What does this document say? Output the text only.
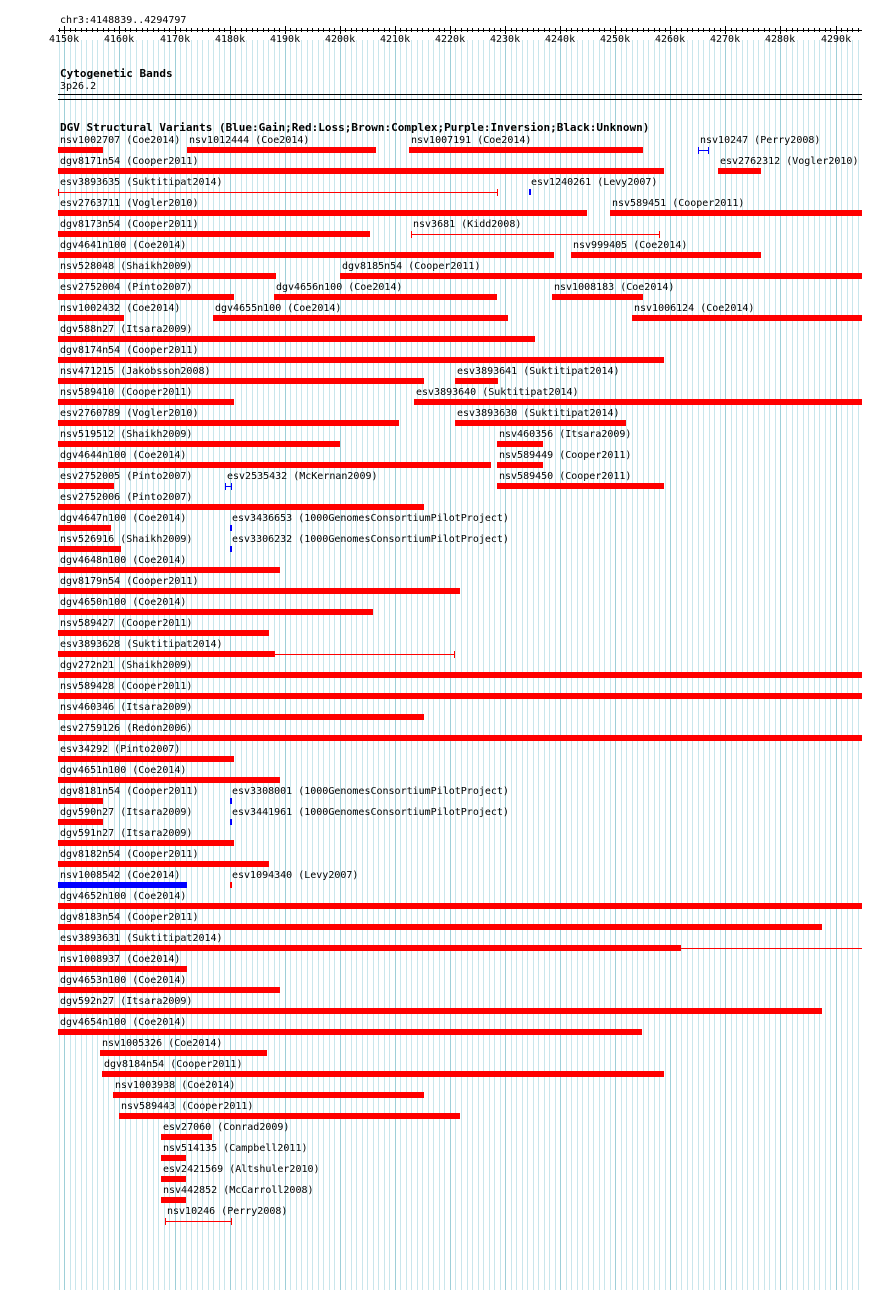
chr3:4148839..4294797
4150k 4160k	4170k 4180k 4190k 4200k 4210k 4220k 4230k 4240k 4250k 4260k 4270k 4280k	4290k
Cytogenetic Bands
3p26.2
DGV Structural Variants (Blue:Gain;Red:Loss;Brown:Complex;Purple:Inversion;Black:Unknown)
nsv1002707 (Coe2014) nsv1012444 (Coe2014)	nsv1007191 (Coe2014)	nsv10247 (Perry2008)
dgv8171n54 (Cooper2011)	esv2762312 (Vogler2010)
esv3893635 (Suktitipat2014)	esv1240261 (Levy2007)
esv2763711 (Vogler2010)	nsv589451 (Cooper2011)
dgv8173n54 (Cooper2011)	nsv3681 (Kidd2008)
dgv4641n100 (Coe2014)	nsv999405 (Coe2014)
nsv528048 (Shaikh2009)	dgv8185n54 (Cooper2011)
esv2752004 (Pinto2007)	dgv4656n100 (Coe2014)	nsv1008183 (Coe2014)
nsv1002432 (Coe2014)	dgv4655n100 (Coe2014)	nsv1006124 (Coe2014)
dgv588n27 (Itsara2009)
dgv8174n54 (Cooper2011)
nsv471215 (Jakobsson2008)	esv3893641 (Suktitipat2014)
nsv589410 (Cooper2011)	esv3893640 (Suktitipat2014)
esv2760789 (Vogler2010)	esv3893630 (Suktitipat2014)
nsv519512 (Shaikh2009)	nsv460356 (Itsara2009)
dgv4644n100 (Coe2014)	nsv589449 (Cooper2011)
esv2752005 (Pinto2007)	esv2535432 (McKernan2009)	nsv589450 (Cooper2011)
esv2752006 (Pinto2007)
dgv4647n100 (Coe2014)	esv3436653 (1000GenomesConsortiumPilotProject)
nsv526916 (Shaikh2009)	esv3306232 (1000GenomesConsortiumPilotProject)
dgv4648n100 (Coe2014)
dgv8179n54 (Cooper2011)
dgv4650n100 (Coe2014)
nsv589427 (Cooper2011)
esv3893628 (Suktitipat2014)
dgv272n21 (Shaikh2009)
nsv589428 (Cooper2011)
nsv460346 (Itsara2009)
esv2759126 (Redon2006)
esv34292 (Pinto2007)
dgv4651n100 (Coe2014)
dgv8181n54 (Cooper2011)	esv3308001 (1000GenomesConsortiumPilotProject)
dgv590n27 (Itsara2009)	esv3441961 (1000GenomesConsortiumPilotProject)
dgv591n27 (Itsara2009)
dgv8182n54 (Cooper2011)
nsv1008542 (Coe2014)	esv1094340 (Levy2007)
dgv4652n100 (Coe2014)
dgv8183n54 (Cooper2011)
esv3893631 (Suktitipat2014)
nsv1008937 (Coe2014)
dgv4653n100 (Coe2014)
dgv592n27 (Itsara2009)
dgv4654n100 (Coe2014)
nsv1005326 (Coe2014)
dgv8184n54 (Cooper2011)
nsv1003938 (Coe2014)
nsv589443 (Cooper2011)
esv27060 (Conrad2009)
nsv514135 (Campbell2011)
esv2421569 (Altshuler2010)
nsv442852 (McCarroll2008)
nsv10246 (Perry2008)
